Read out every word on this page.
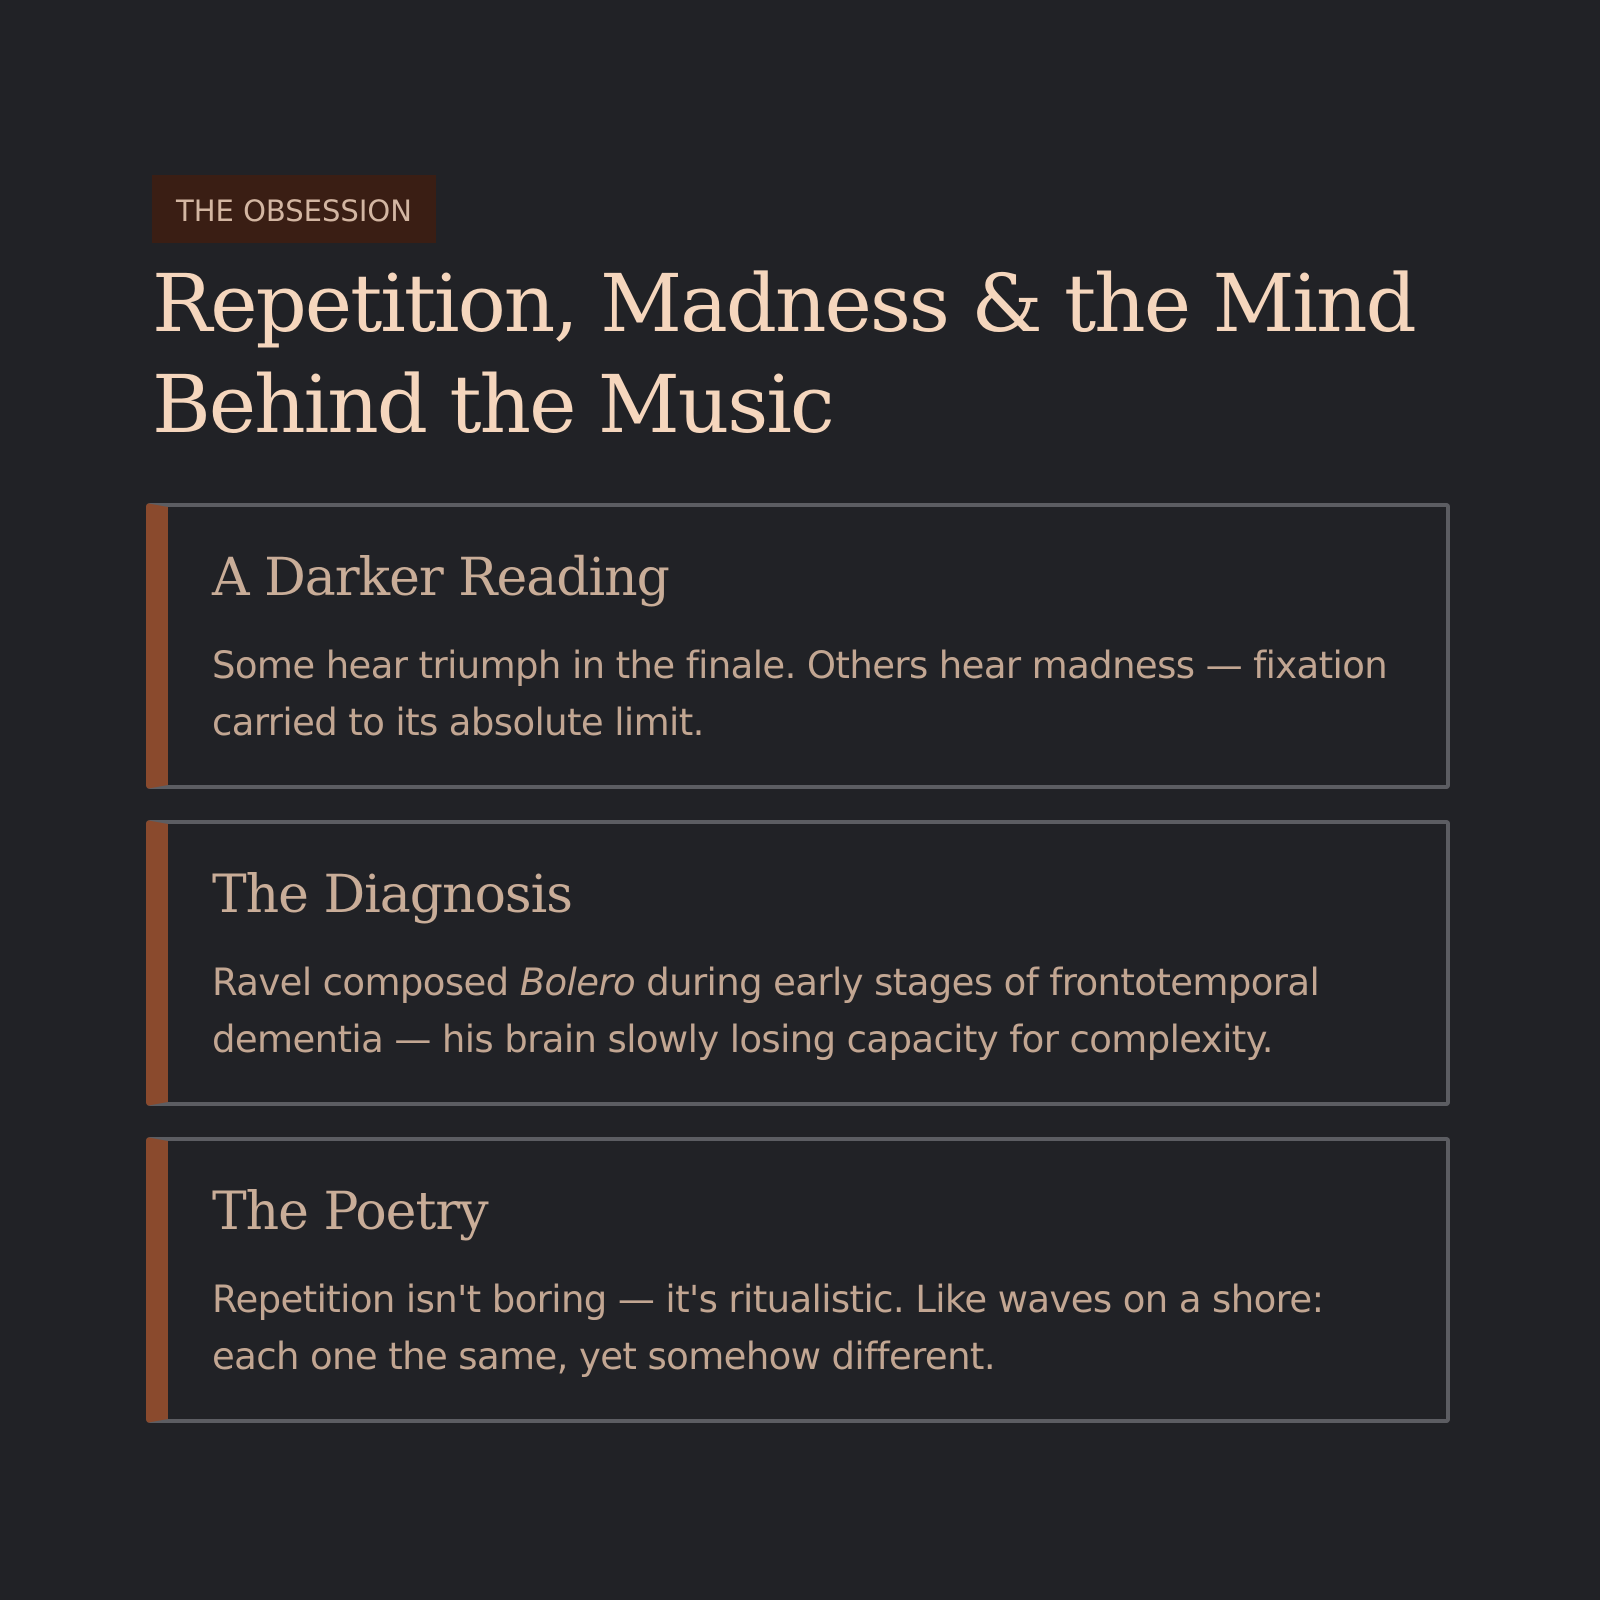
THE OBSESSION
Repetition, Madness & the Mind
Behind the Music
A Darker Reading

Some hear triumph in the finale. Others hear madness — fixation carried to its absolute limit.

The Diagnosis

Ravel composed Bolero during early stages of frontotemporal dementia — his brain slowly losing capacity for complexity.

The Poetry

Repetition isn't boring — it's ritualistic. Like waves on a shore: each one the same, yet somehow different.
